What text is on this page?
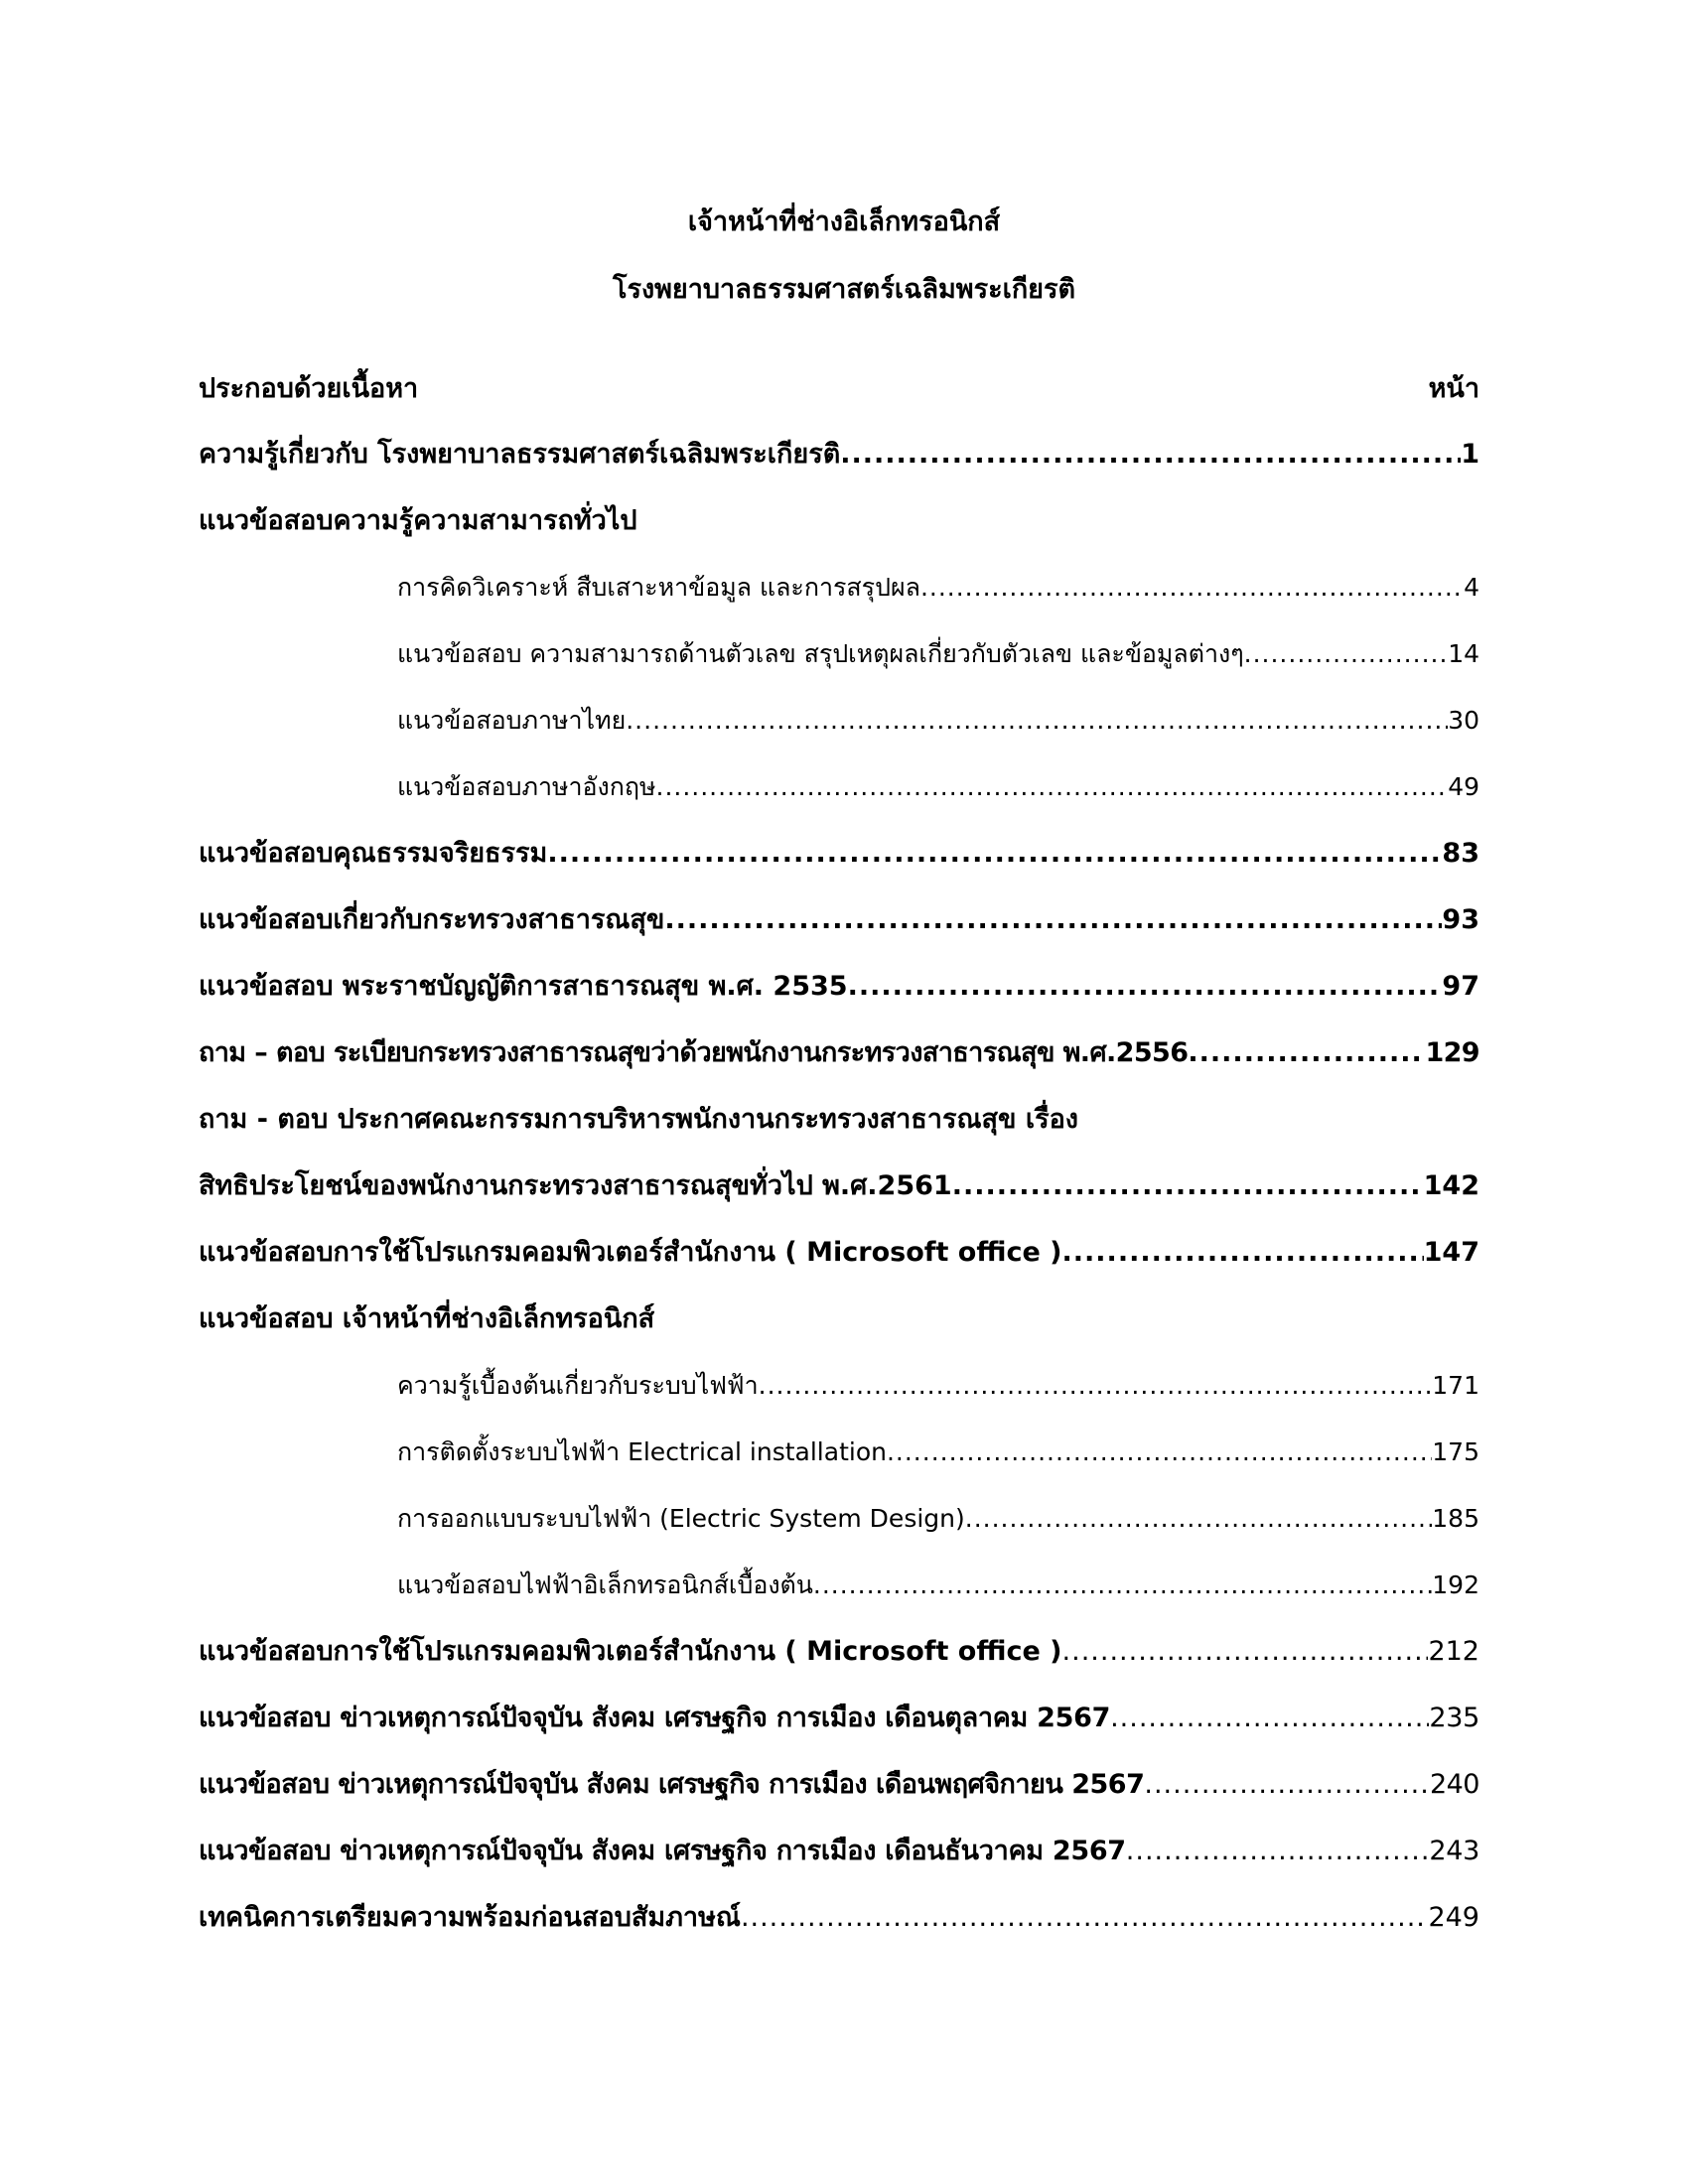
เจ้าหน้าที่ช่างอิเล็กทรอนิกส์
โรงพยาบาลธรรมศาสตร์เฉลิมพระเกียรติ
ประกอบด้วยเนื้อหา	หน้า
ความรู้เกี่ยวกับ โรงพยาบาลธรรมศาสตร์เฉลิมพระเกียรติ .....	1
แนวข้อสอบความรู้ความสามารถทั่วไป
การคิดวิเคราะห์ สืบเสาะหาข้อมูล และการสรุปผล .....	4
แนวข้อสอบ ความสามารถด้านตัวเลข สรุปเหตุผลเกี่ยวกับตัวเลข และข้อมูลต่างๆ .....	14
แนวข้อสอบภาษาไทย .....	30
แนวข้อสอบภาษาอังกฤษ .....	49
แนวข้อสอบคุณธรรมจริยธรรม .....	83
แนวข้อสอบเกี่ยวกับกระทรวงสาธารณสุข .....	93
แนวข้อสอบ พระราชบัญญัติการสาธารณสุข พ.ศ. 2535 .....	97
ถาม – ตอบ ระเบียบกระทรวงสาธารณสุขว่าด้วยพนักงานกระทรวงสาธารณสุข พ.ศ.2556 .....	129
ถาม - ตอบ ประกาศคณะกรรมการบริหารพนักงานกระทรวงสาธารณสุข เรื่อง
สิทธิประโยชน์ของพนักงานกระทรวงสาธารณสุขทั่วไป พ.ศ.2561 .....	142
แนวข้อสอบการใช้โปรแกรมคอมพิวเตอร์สำนักงาน ( Microsoft office ) .....	147
แนวข้อสอบ เจ้าหน้าที่ช่างอิเล็กทรอนิกส์
ความรู้เบื้องต้นเกี่ยวกับระบบไฟฟ้า .....	171
การติดตั้งระบบไฟฟ้า Electrical installation .....	175
การออกแบบระบบไฟฟ้า (Electric System Design) .....	185
แนวข้อสอบไฟฟ้าอิเล็กทรอนิกส์เบื้องต้น .....	192
แนวข้อสอบการใช้โปรแกรมคอมพิวเตอร์สำนักงาน ( Microsoft office ) .....	212
แนวข้อสอบ ข่าวเหตุการณ์ปัจจุบัน สังคม เศรษฐกิจ การเมือง เดือนตุลาคม 2567 .....	235
แนวข้อสอบ ข่าวเหตุการณ์ปัจจุบัน สังคม เศรษฐกิจ การเมือง เดือนพฤศจิกายน 2567 .....	240
แนวข้อสอบ ข่าวเหตุการณ์ปัจจุบัน สังคม เศรษฐกิจ การเมือง เดือนธันวาคม 2567 .....	243
เทคนิคการเตรียมความพร้อมก่อนสอบสัมภาษณ์ .....	249
